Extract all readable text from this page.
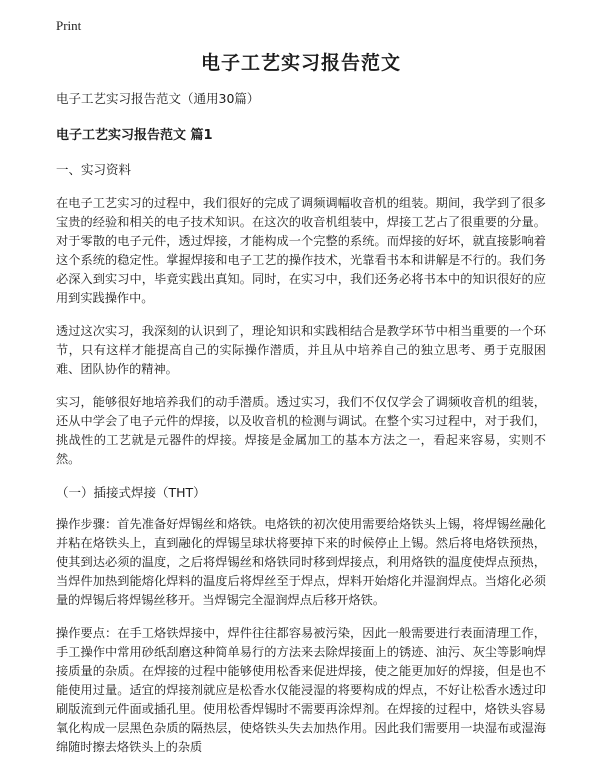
Print
电子工艺实习报告范文
电子工艺实习报告范文（通用30篇）
电子工艺实习报告范文 篇1
一、实习资料

在电子工艺实习的过程中，我们很好的完成了调频调幅收音机的组装。期间，我学到了很多宝贵的经验和相关的电子技术知识。在这次的收音机组装中，焊接工艺占了很重要的分量。对于零散的电子元件，透过焊接，才能构成一个完整的系统。而焊接的好坏，就直接影响着这个系统的稳定性。掌握焊接和电子工艺的操作技术，光靠看书本和讲解是不行的。我们务必深入到实习中，毕竟实践出真知。同时，在实习中，我们还务必将书本中的知识很好的应用到实践操作中。

透过这次实习，我深刻的认识到了，理论知识和实践相结合是教学环节中相当重要的一个环节，只有这样才能提高自己的实际操作潜质，并且从中培养自己的独立思考、勇于克服困难、团队协作的精神。

实习，能够很好地培养我们的动手潜质。透过实习，我们不仅仅学会了调频收音机的组装，还从中学会了电子元件的焊接，以及收音机的检测与调试。在整个实习过程中，对于我们，挑战性的工艺就是元器件的焊接。焊接是金属加工的基本方法之一，看起来容易，实则不然。

（一）插接式焊接（THT）

操作步骤：首先准备好焊锡丝和烙铁。电烙铁的初次使用需要给烙铁头上锡，将焊锡丝融化并粘在烙铁头上，直到融化的焊锡呈球状将要掉下来的时候停止上锡。然后将电烙铁预热，使其到达必须的温度，之后将焊锡丝和烙铁同时移到焊接点，利用烙铁的温度使焊点预热，当焊件加热到能熔化焊料的温度后将焊丝至于焊点，焊料开始熔化并湿润焊点。当熔化必须量的焊锡后将焊锡丝移开。当焊锡完全湿润焊点后移开烙铁。

操作要点：在手工烙铁焊接中，焊件往往都容易被污染，因此一般需要进行表面清理工作，手工操作中常用砂纸刮磨这种简单易行的方法来去除焊接面上的锈迹、油污、灰尘等影响焊接质量的杂质。在焊接的过程中能够使用松香来促进焊接，使之能更加好的焊接，但是也不能使用过量。适宜的焊接剂就应是松香水仅能浸湿的将要构成的焊点，不好让松香水透过印刷版流到元件面或插孔里。使用松香焊锡时不需要再涂焊剂。在焊接的过程中，烙铁头容易氧化构成一层黑色杂质的隔热层，使烙铁头失去加热作用。因此我们需要用一块湿布或湿海绵随时擦去烙铁头上的杂质
